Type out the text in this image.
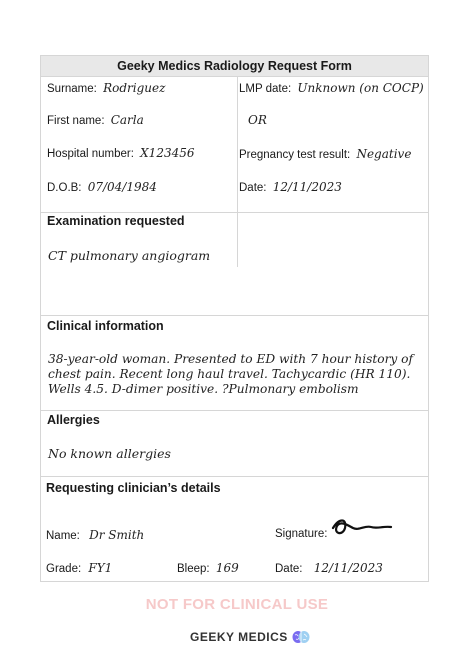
Geeky Medics Radiology Request Form
Surname: Rodriguez
First name: Carla
Hospital number: X123456
D.O.B: 07/04/1984
LMP date: Unknown (on COCP)
OR
Pregnancy test result: Negative
Date: 12/11/2023
Examination requested
CT pulmonary angiogram
Clinical information
38-year-old woman. Presented to ED with 7 hour history of chest pain. Recent long haul travel. Tachycardic (HR 110). Wells 4.5. D-dimer positive. ?Pulmonary embolism
Allergies
No known allergies
Requesting clinician’s details
Name: Dr Smith	Signature:
Grade: FY1	Bleep: 169	Date: 12/11/2023
NOT FOR CLINICAL USE
GEEKY MEDICS
